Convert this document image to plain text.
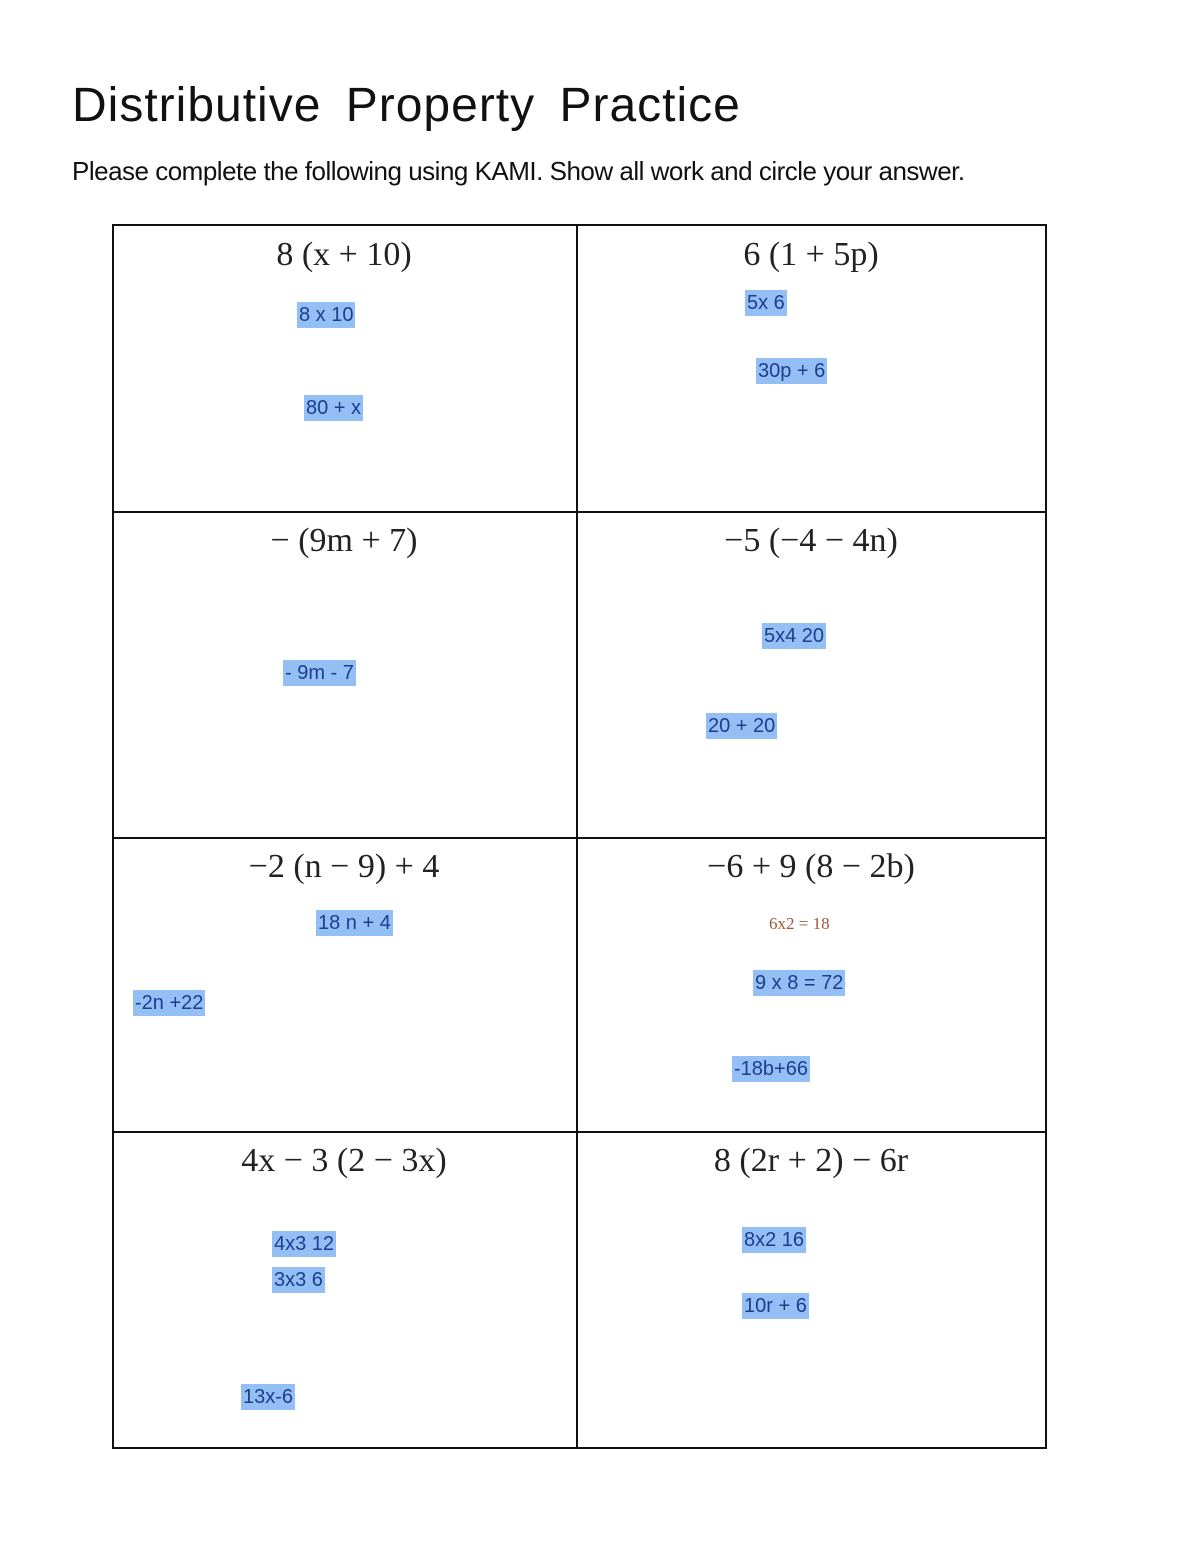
Distributive Property Practice
Please complete the following using KAMI. Show all work and circle your answer.
8 (x + 10)
8 x 10
80 + x
6 (1 + 5p)
5x 6
30p + 6
− (9m + 7)
- 9m - 7
−5 (−4 − 4n)
5x4 20
20 + 20
−2 (n − 9) + 4
18 n + 4
-2n +22
−6 + 9 (8 − 2b)
6x2 = 18
9 x 8 = 72
-18b+66
4x − 3 (2 − 3x)
4x3 12
3x3 6
13x-6
8 (2r + 2) − 6r
8x2 16
10r + 6
